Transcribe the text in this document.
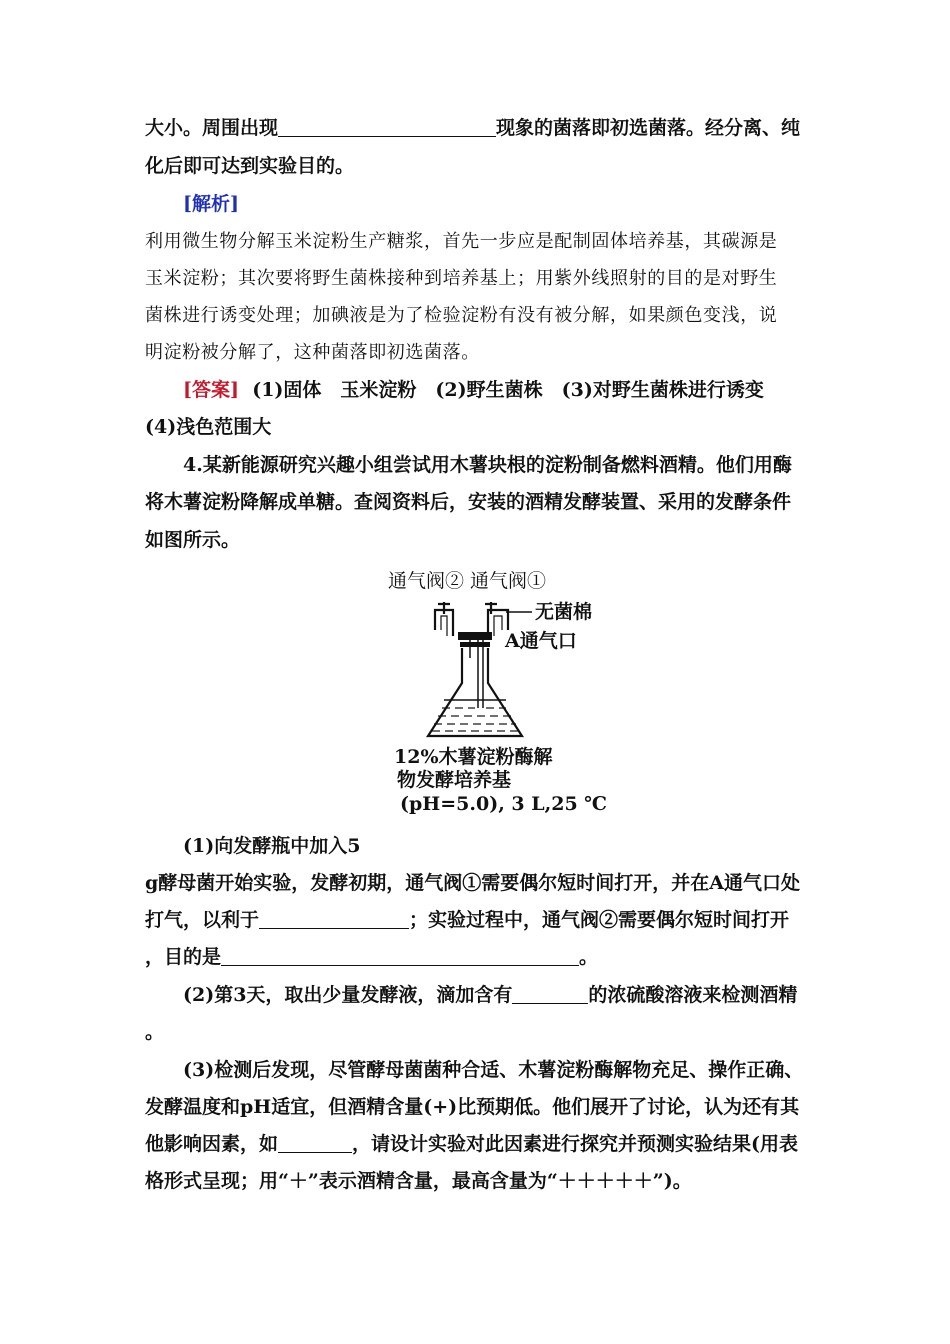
大小。周围出现	现象的菌落即初选菌落。经分离、纯
化后即可达到实验目的。
[解析]
利用微生物分解玉米淀粉生产糖浆，首先一步应是配制固体培养基，其碳源是
玉米淀粉；其次要将野生菌株接种到培养基上；用紫外线照射的目的是对野生
菌株进行诱变处理；加碘液是为了检验淀粉有没有被分解，如果颜色变浅，说
明淀粉被分解了，这种菌落即初选菌落。
[答案] (1)固体　玉米淀粉　(2)野生菌株　(3)对野生菌株进行诱变
(4)浅色范围大
4.某新能源研究兴趣小组尝试用木薯块根的淀粉制备燃料酒精。他们用酶
将木薯淀粉降解成单糖。查阅资料后，安装的酒精发酵装置、采用的发酵条件
如图所示。
通气阀② 通气阀①
无菌棉
A通气口
12%木薯淀粉酶解
物发酵培养基
(pH=5.0), 3 L,25 ℃
(1)向发酵瓶中加入5
g酵母菌开始实验，发酵初期，通气阀①需要偶尔短时间打开，并在A通气口处
打气，以利于	；实验过程中，通气阀②需要偶尔短时间打开
，目的是	。
(2)第3天，取出少量发酵液，滴加含有	的浓硫酸溶液来检测酒精
。
(3)检测后发现，尽管酵母菌菌种合适、木薯淀粉酶解物充足、操作正确、
发酵温度和pH适宜，但酒精含量(+)比预期低。他们展开了讨论，认为还有其
他影响因素，如	，请设计实验对此因素进行探究并预测实验结果(用表
格形式呈现；用“＋”表示酒精含量，最高含量为“＋＋＋＋＋”)。
